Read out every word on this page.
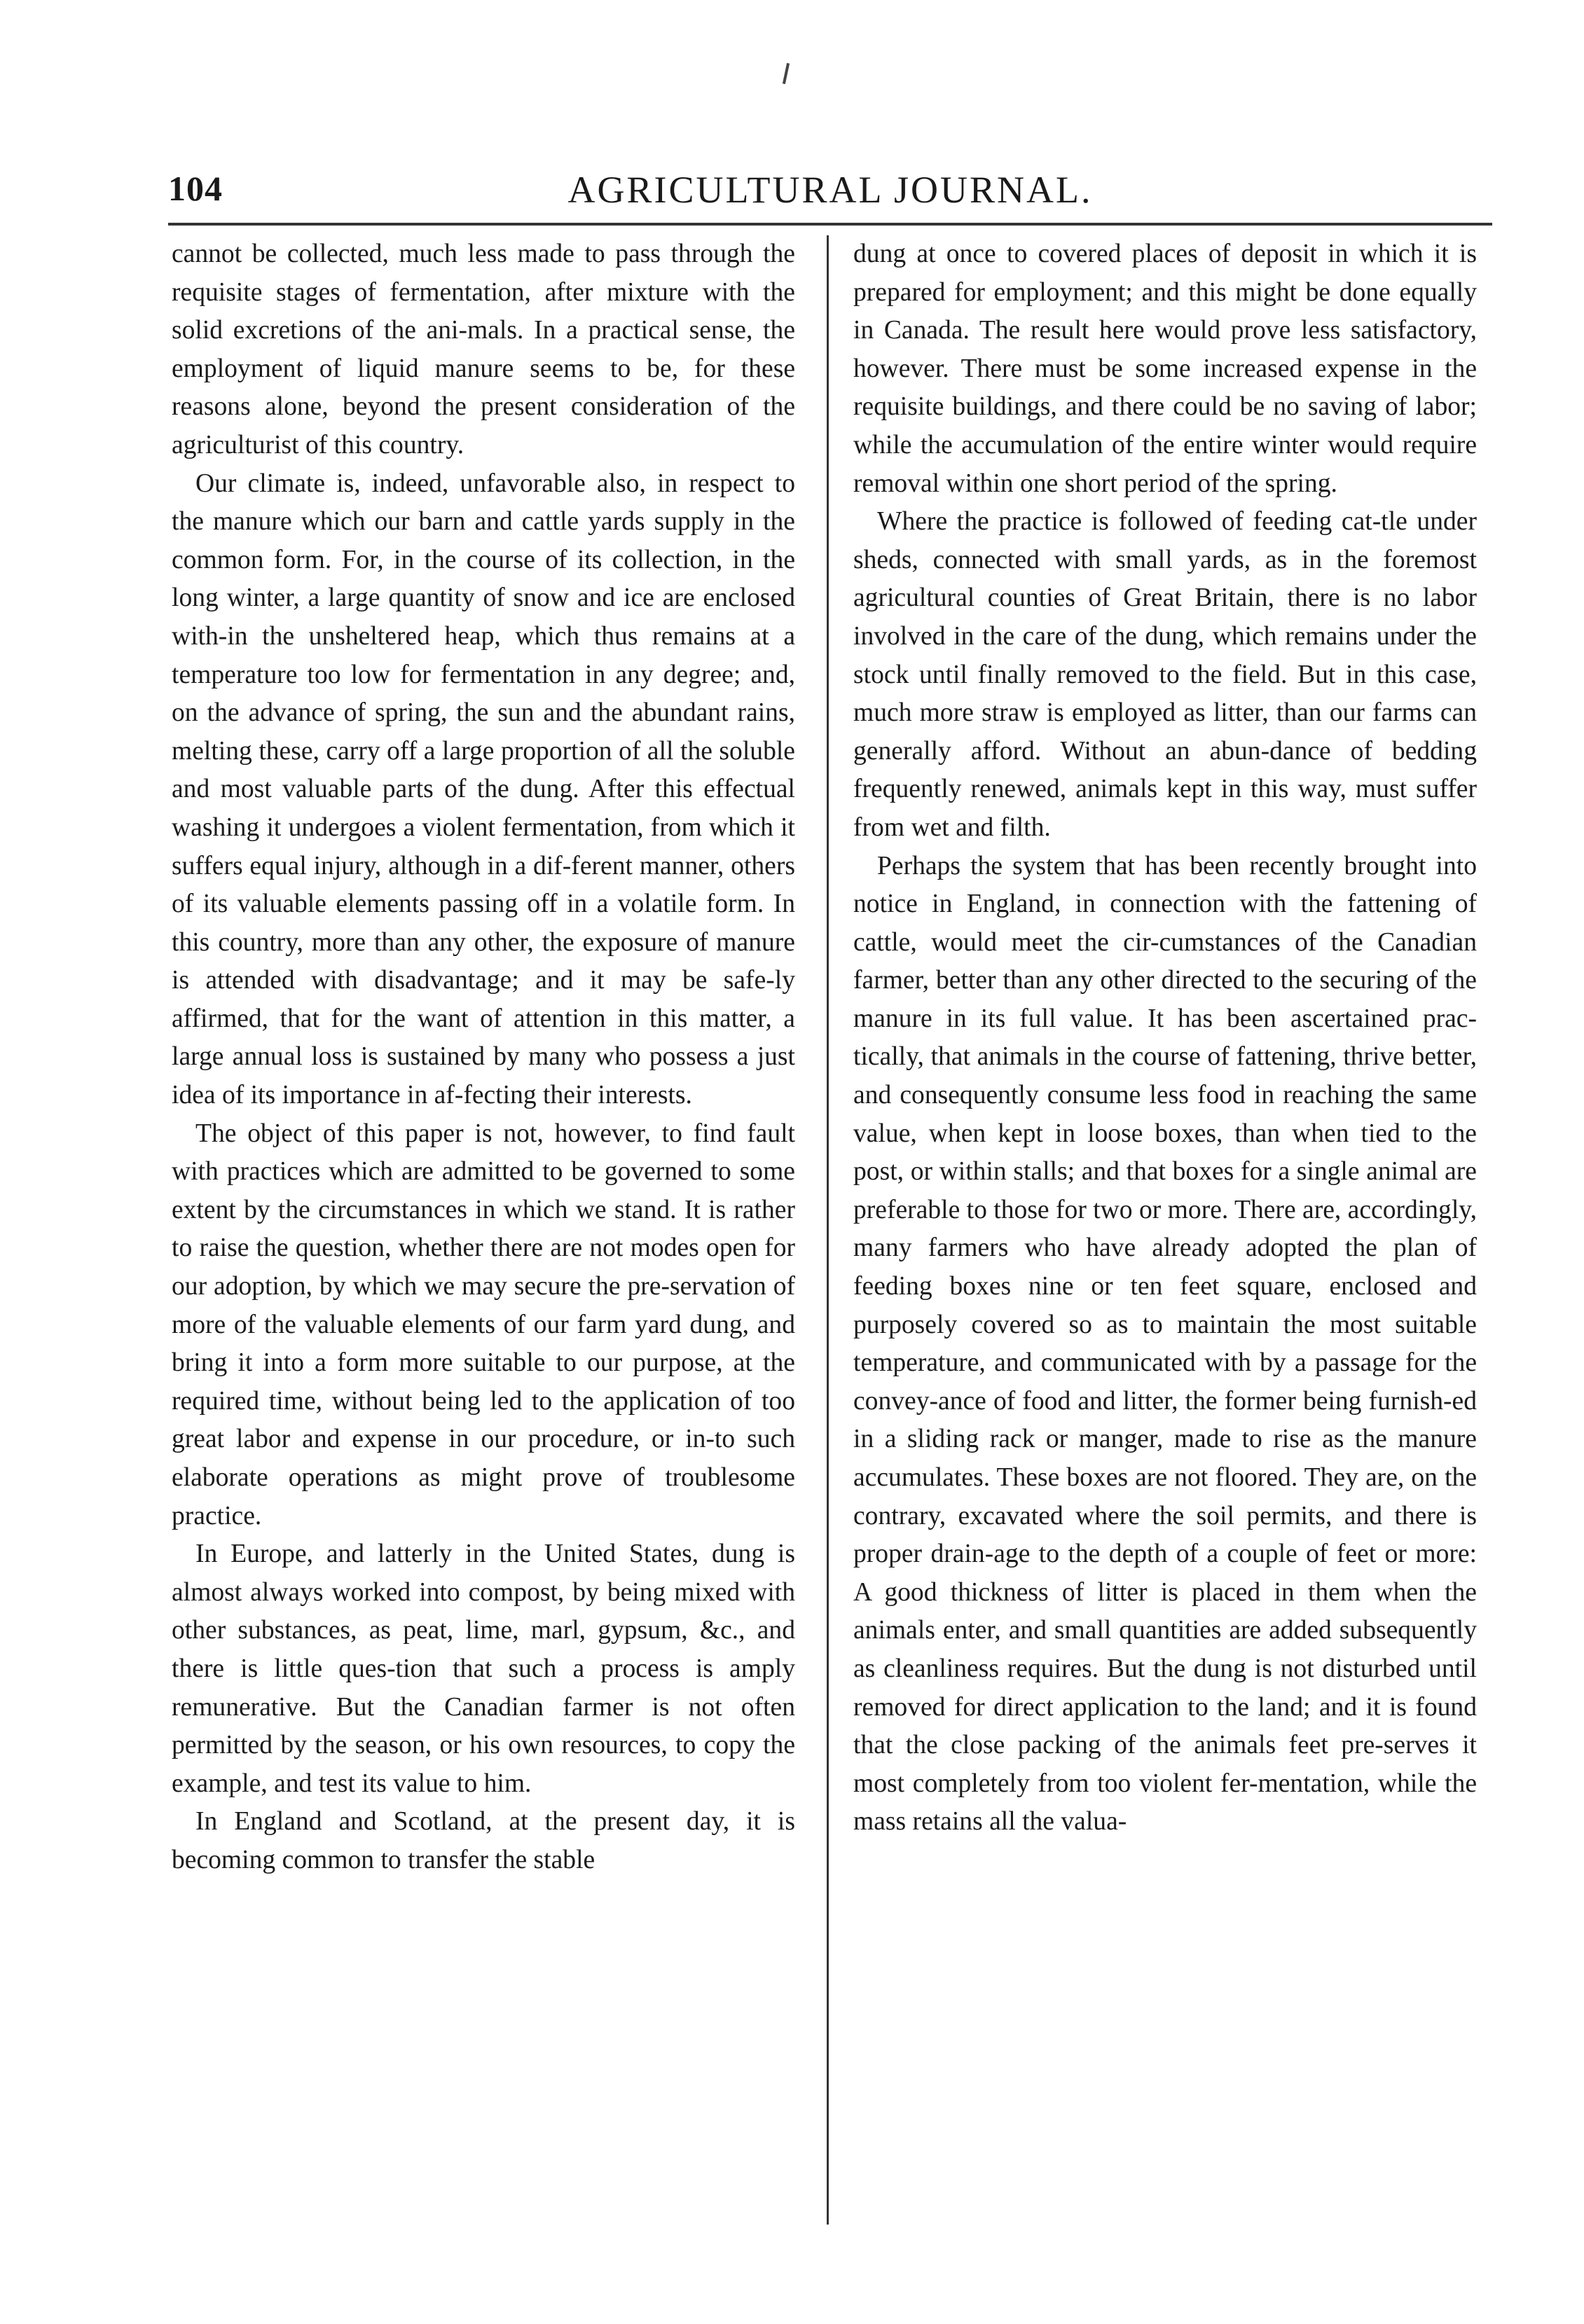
104	AGRICULTURAL JOURNAL.

cannot be collected, much less made to pass through the requisite stages of fermentation, after mixture with the solid excretions of the ani-mals. In a practical sense, the employment of liquid manure seems to be, for these reasons alone, beyond the present consideration of the agriculturist of this country.

Our climate is, indeed, unfavorable also, in respect to the manure which our barn and cattle yards supply in the common form. For, in the course of its collection, in the long winter, a large quantity of snow and ice are enclosed with-in the unsheltered heap, which thus remains at a temperature too low for fermentation in any degree; and, on the advance of spring, the sun and the abundant rains, melting these, carry off a large proportion of all the soluble and most valuable parts of the dung. After this effectual washing it undergoes a violent fermentation, from which it suffers equal injury, although in a dif-ferent manner, others of its valuable elements passing off in a volatile form. In this country, more than any other, the exposure of manure is attended with disadvantage; and it may be safe-ly affirmed, that for the want of attention in this matter, a large annual loss is sustained by many who possess a just idea of its importance in af-fecting their interests.

The object of this paper is not, however, to find fault with practices which are admitted to be governed to some extent by the circumstances in which we stand. It is rather to raise the question, whether there are not modes open for our adoption, by which we may secure the pre-servation of more of the valuable elements of our farm yard dung, and bring it into a form more suitable to our purpose, at the required time, without being led to the application of too great labor and expense in our procedure, or in-to such elaborate operations as might prove of troublesome practice.

In Europe, and latterly in the United States, dung is almost always worked into compost, by being mixed with other substances, as peat, lime, marl, gypsum, &c., and there is little ques-tion that such a process is amply remunerative. But the Canadian farmer is not often permitted by the season, or his own resources, to copy the example, and test its value to him.

In England and Scotland, at the present day, it is becoming common to transfer the stable

dung at once to covered places of deposit in which it is prepared for employment; and this might be done equally in Canada. The result here would prove less satisfactory, however. There must be some increased expense in the requisite buildings, and there could be no saving of labor; while the accumulation of the entire winter would require removal within one short period of the spring.

Where the practice is followed of feeding cat-tle under sheds, connected with small yards, as in the foremost agricultural counties of Great Britain, there is no labor involved in the care of the dung, which remains under the stock until finally removed to the field. But in this case, much more straw is employed as litter, than our farms can generally afford. Without an abun-dance of bedding frequently renewed, animals kept in this way, must suffer from wet and filth.

Perhaps the system that has been recently brought into notice in England, in connection with the fattening of cattle, would meet the cir-cumstances of the Canadian farmer, better than any other directed to the securing of the manure in its full value. It has been ascertained prac-tically, that animals in the course of fattening, thrive better, and consequently consume less food in reaching the same value, when kept in loose boxes, than when tied to the post, or within stalls; and that boxes for a single animal are preferable to those for two or more. There are, accordingly, many farmers who have already adopted the plan of feeding boxes nine or ten feet square, enclosed and purposely covered so as to maintain the most suitable temperature, and communicated with by a passage for the convey-ance of food and litter, the former being furnish-ed in a sliding rack or manger, made to rise as the manure accumulates. These boxes are not floored. They are, on the contrary, excavated where the soil permits, and there is proper drain-age to the depth of a couple of feet or more: A good thickness of litter is placed in them when the animals enter, and small quantities are added subsequently as cleanliness requires. But the dung is not disturbed until removed for direct application to the land; and it is found that the close packing of the animals feet pre-serves it most completely from too violent fer-mentation, while the mass retains all the valua-
